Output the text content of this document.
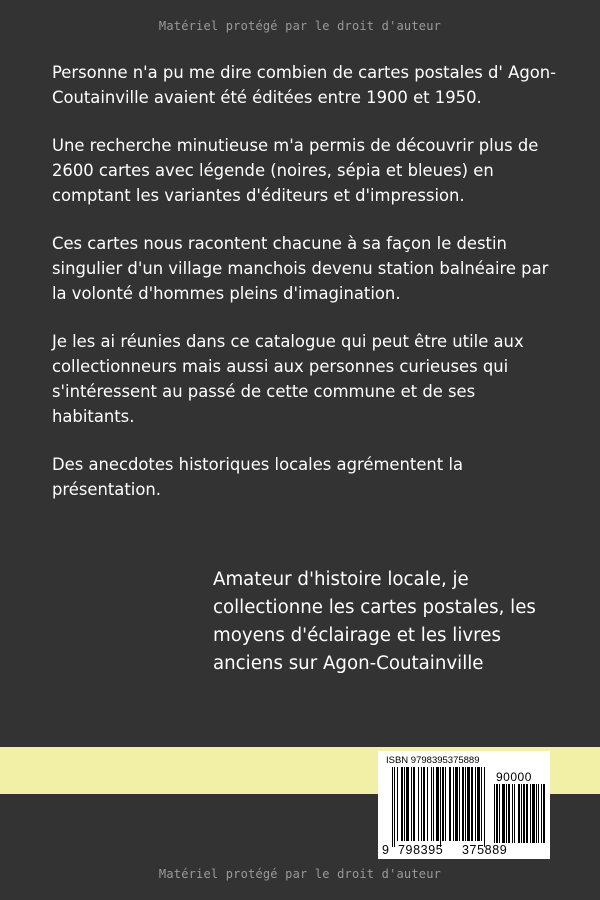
Matériel protégé par le droit d'auteur

Personne n'a pu me dire combien de cartes postales d' Agon-
Coutainville avaient été éditées entre 1900 et 1950.

Une recherche minutieuse m'a permis de découvrir plus de
2600 cartes avec légende (noires, sépia et bleues) en
comptant les variantes d'éditeurs et d'impression.

Ces cartes nous racontent chacune à sa façon le destin
singulier d'un village manchois devenu station balnéaire par
la volonté d'hommes pleins d'imagination.

Je les ai réunies dans ce catalogue qui peut être utile aux
collectionneurs mais aussi aux personnes curieuses qui
s'intéressent au passé de cette commune et de ses habitants.

Des anecdotes historiques locales agrémentent la
présentation.

Amateur d'histoire locale, je
collectionne les cartes postales, les
moyens d'éclairage et les livres
anciens sur Agon-Coutainville

ISBN 9798395375889
90000
9 798395 375889
Matériel protégé par le droit d'auteur
